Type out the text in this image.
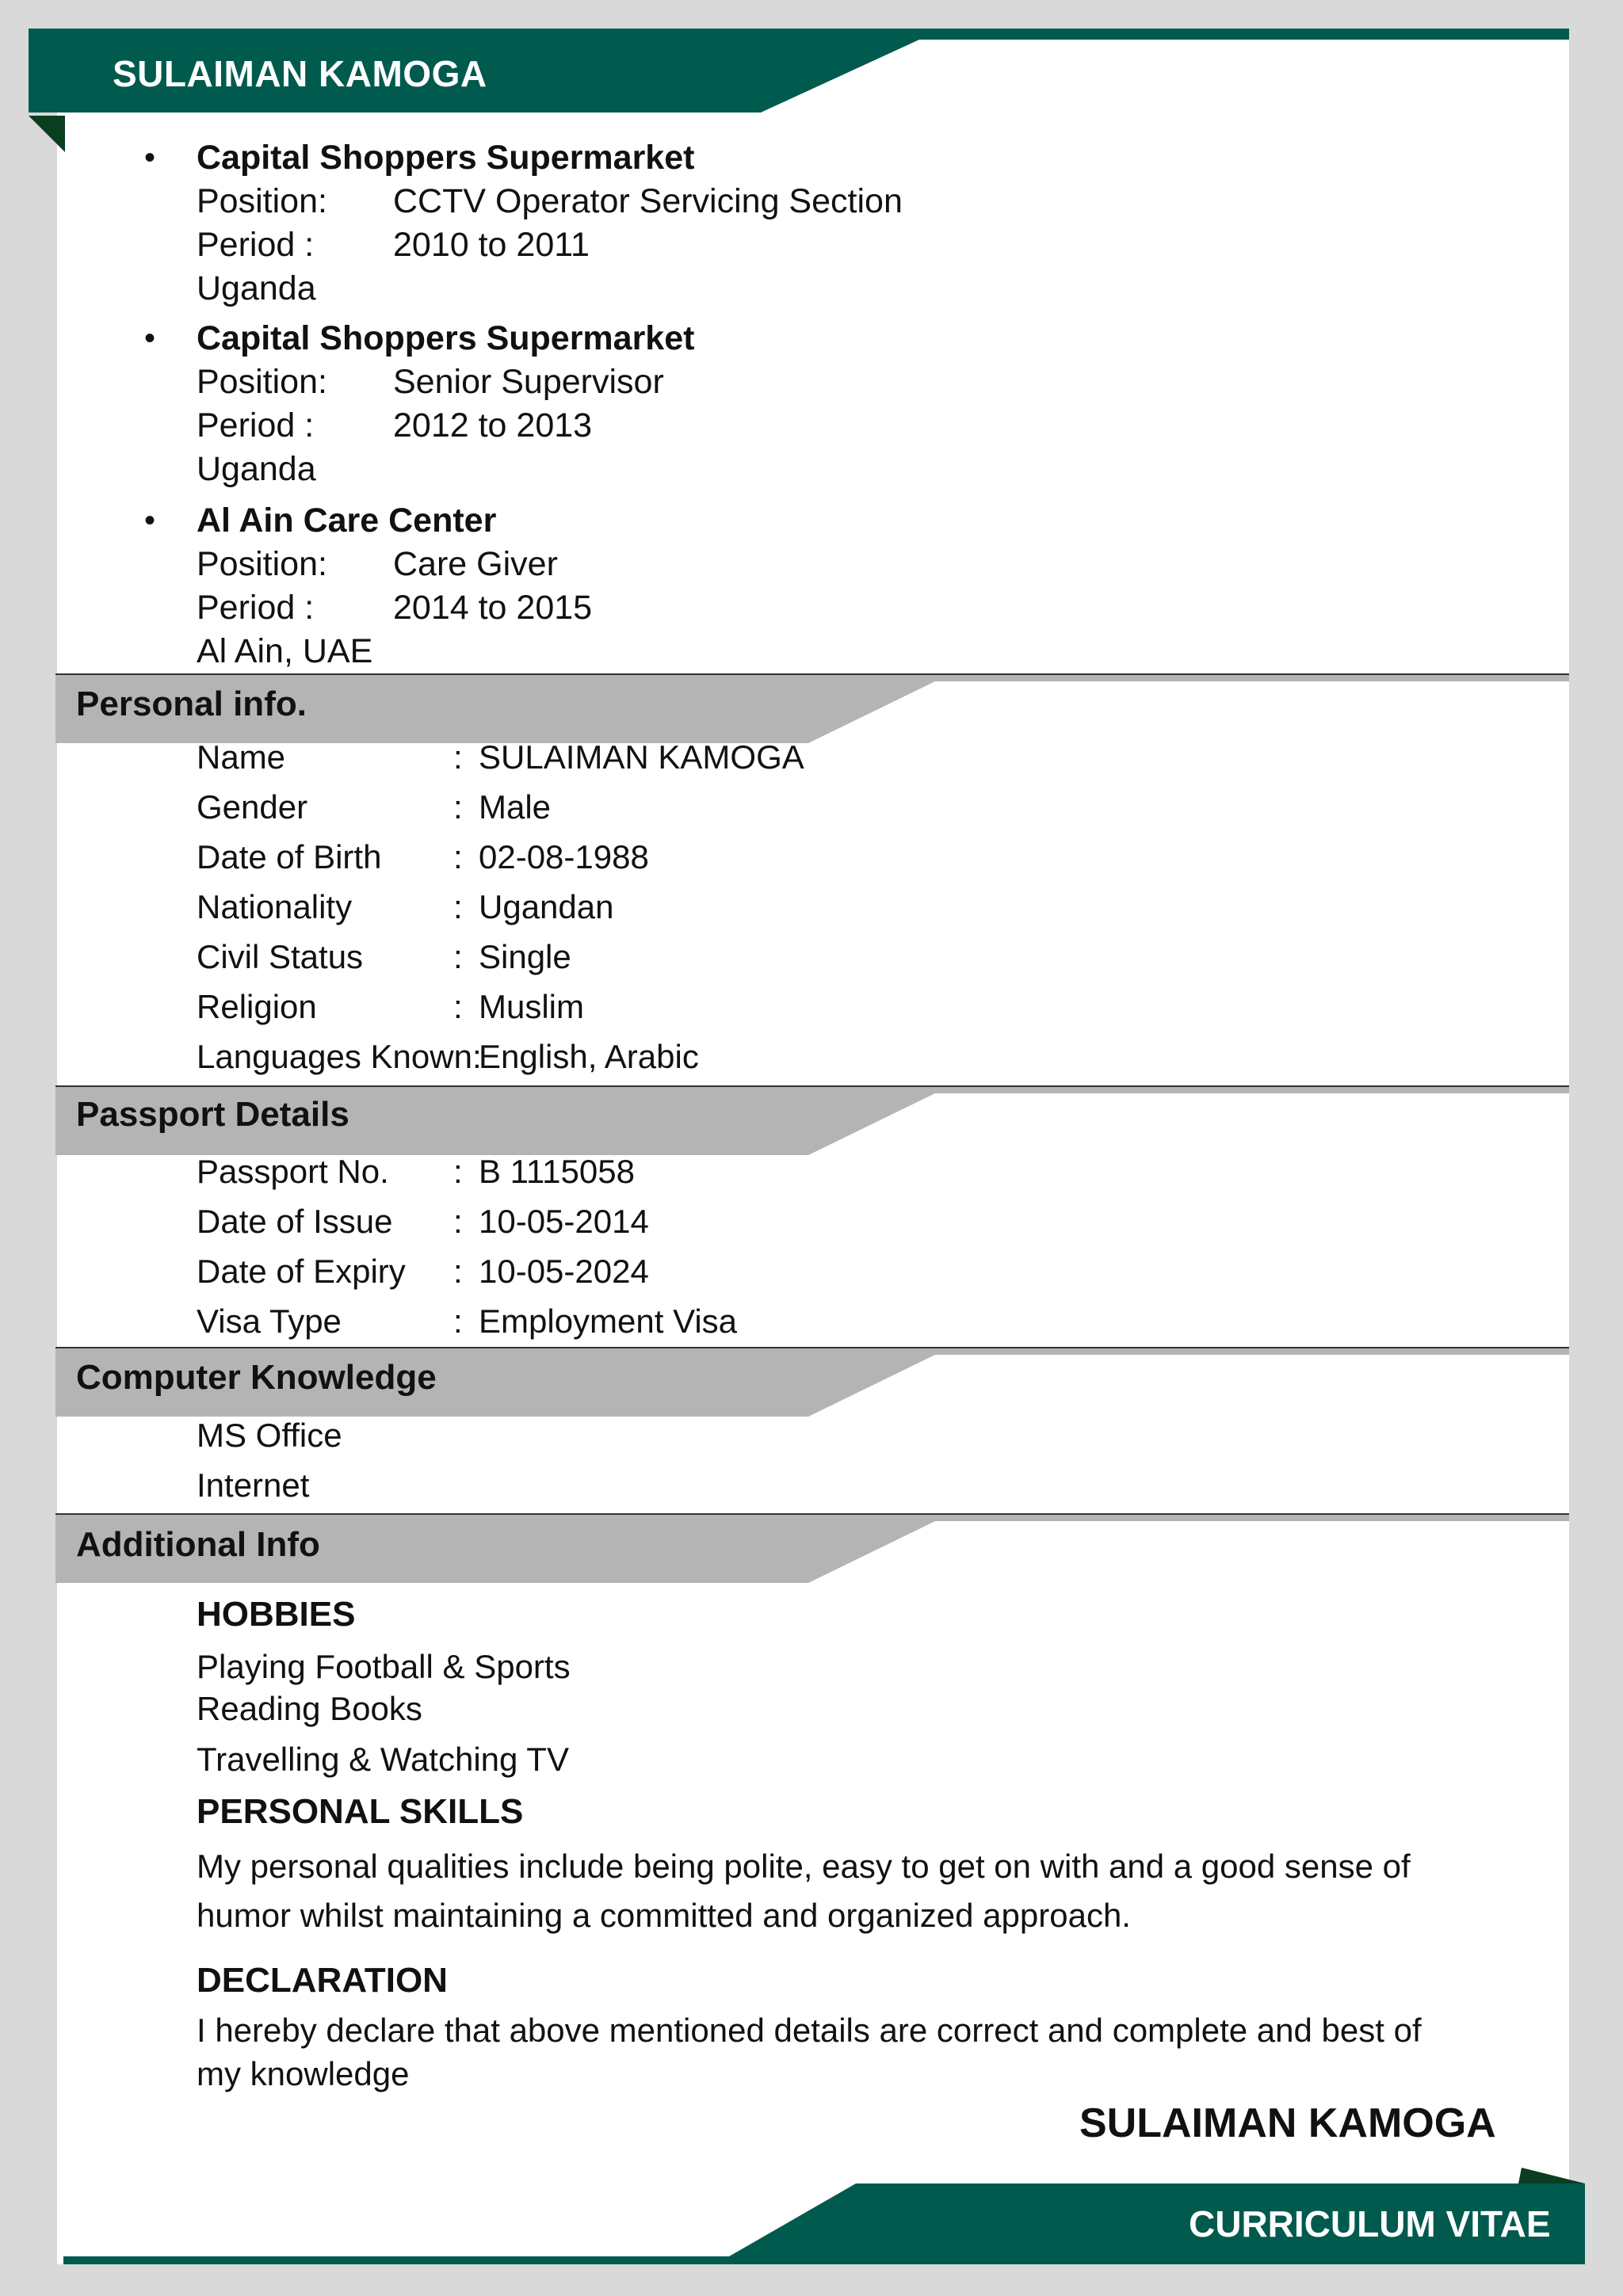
SULAIMAN KAMOGA
• Capital Shoppers Supermarket
Position: CCTV Operator Servicing Section
Period : 2010 to 2011
Uganda
• Capital Shoppers Supermarket
Position: Senior Supervisor
Period : 2012 to 2013
Uganda
• Al Ain Care Center
Position: Care Giver
Period : 2014 to 2015
Al Ain, UAE
Personal info.
Name	: SULAIMAN KAMOGA
Gender	: Male
Date of Birth : 02-08-1988
Nationality	: Ugandan
Civil Status	: Single
Religion	: Muslim
Languages Known:
English, Arabic
Passport Details
Passport No. : B 1115058
Date of Issue : 10-05-2014
Date of Expiry : 10-05-2024
Visa Type	: Employment Visa
Computer Knowledge
MS Office
Internet
Additional Info
HOBBIES
Playing Football & Sports
Reading Books
Travelling & Watching TV
PERSONAL SKILLS
My personal qualities include being polite, easy to get on with and a good sense of humor whilst maintaining a committed and organized approach.
DECLARATION
I hereby declare that above mentioned details are correct and complete and best of my knowledge
SULAIMAN KAMOGA
CURRICULUM VITAE
